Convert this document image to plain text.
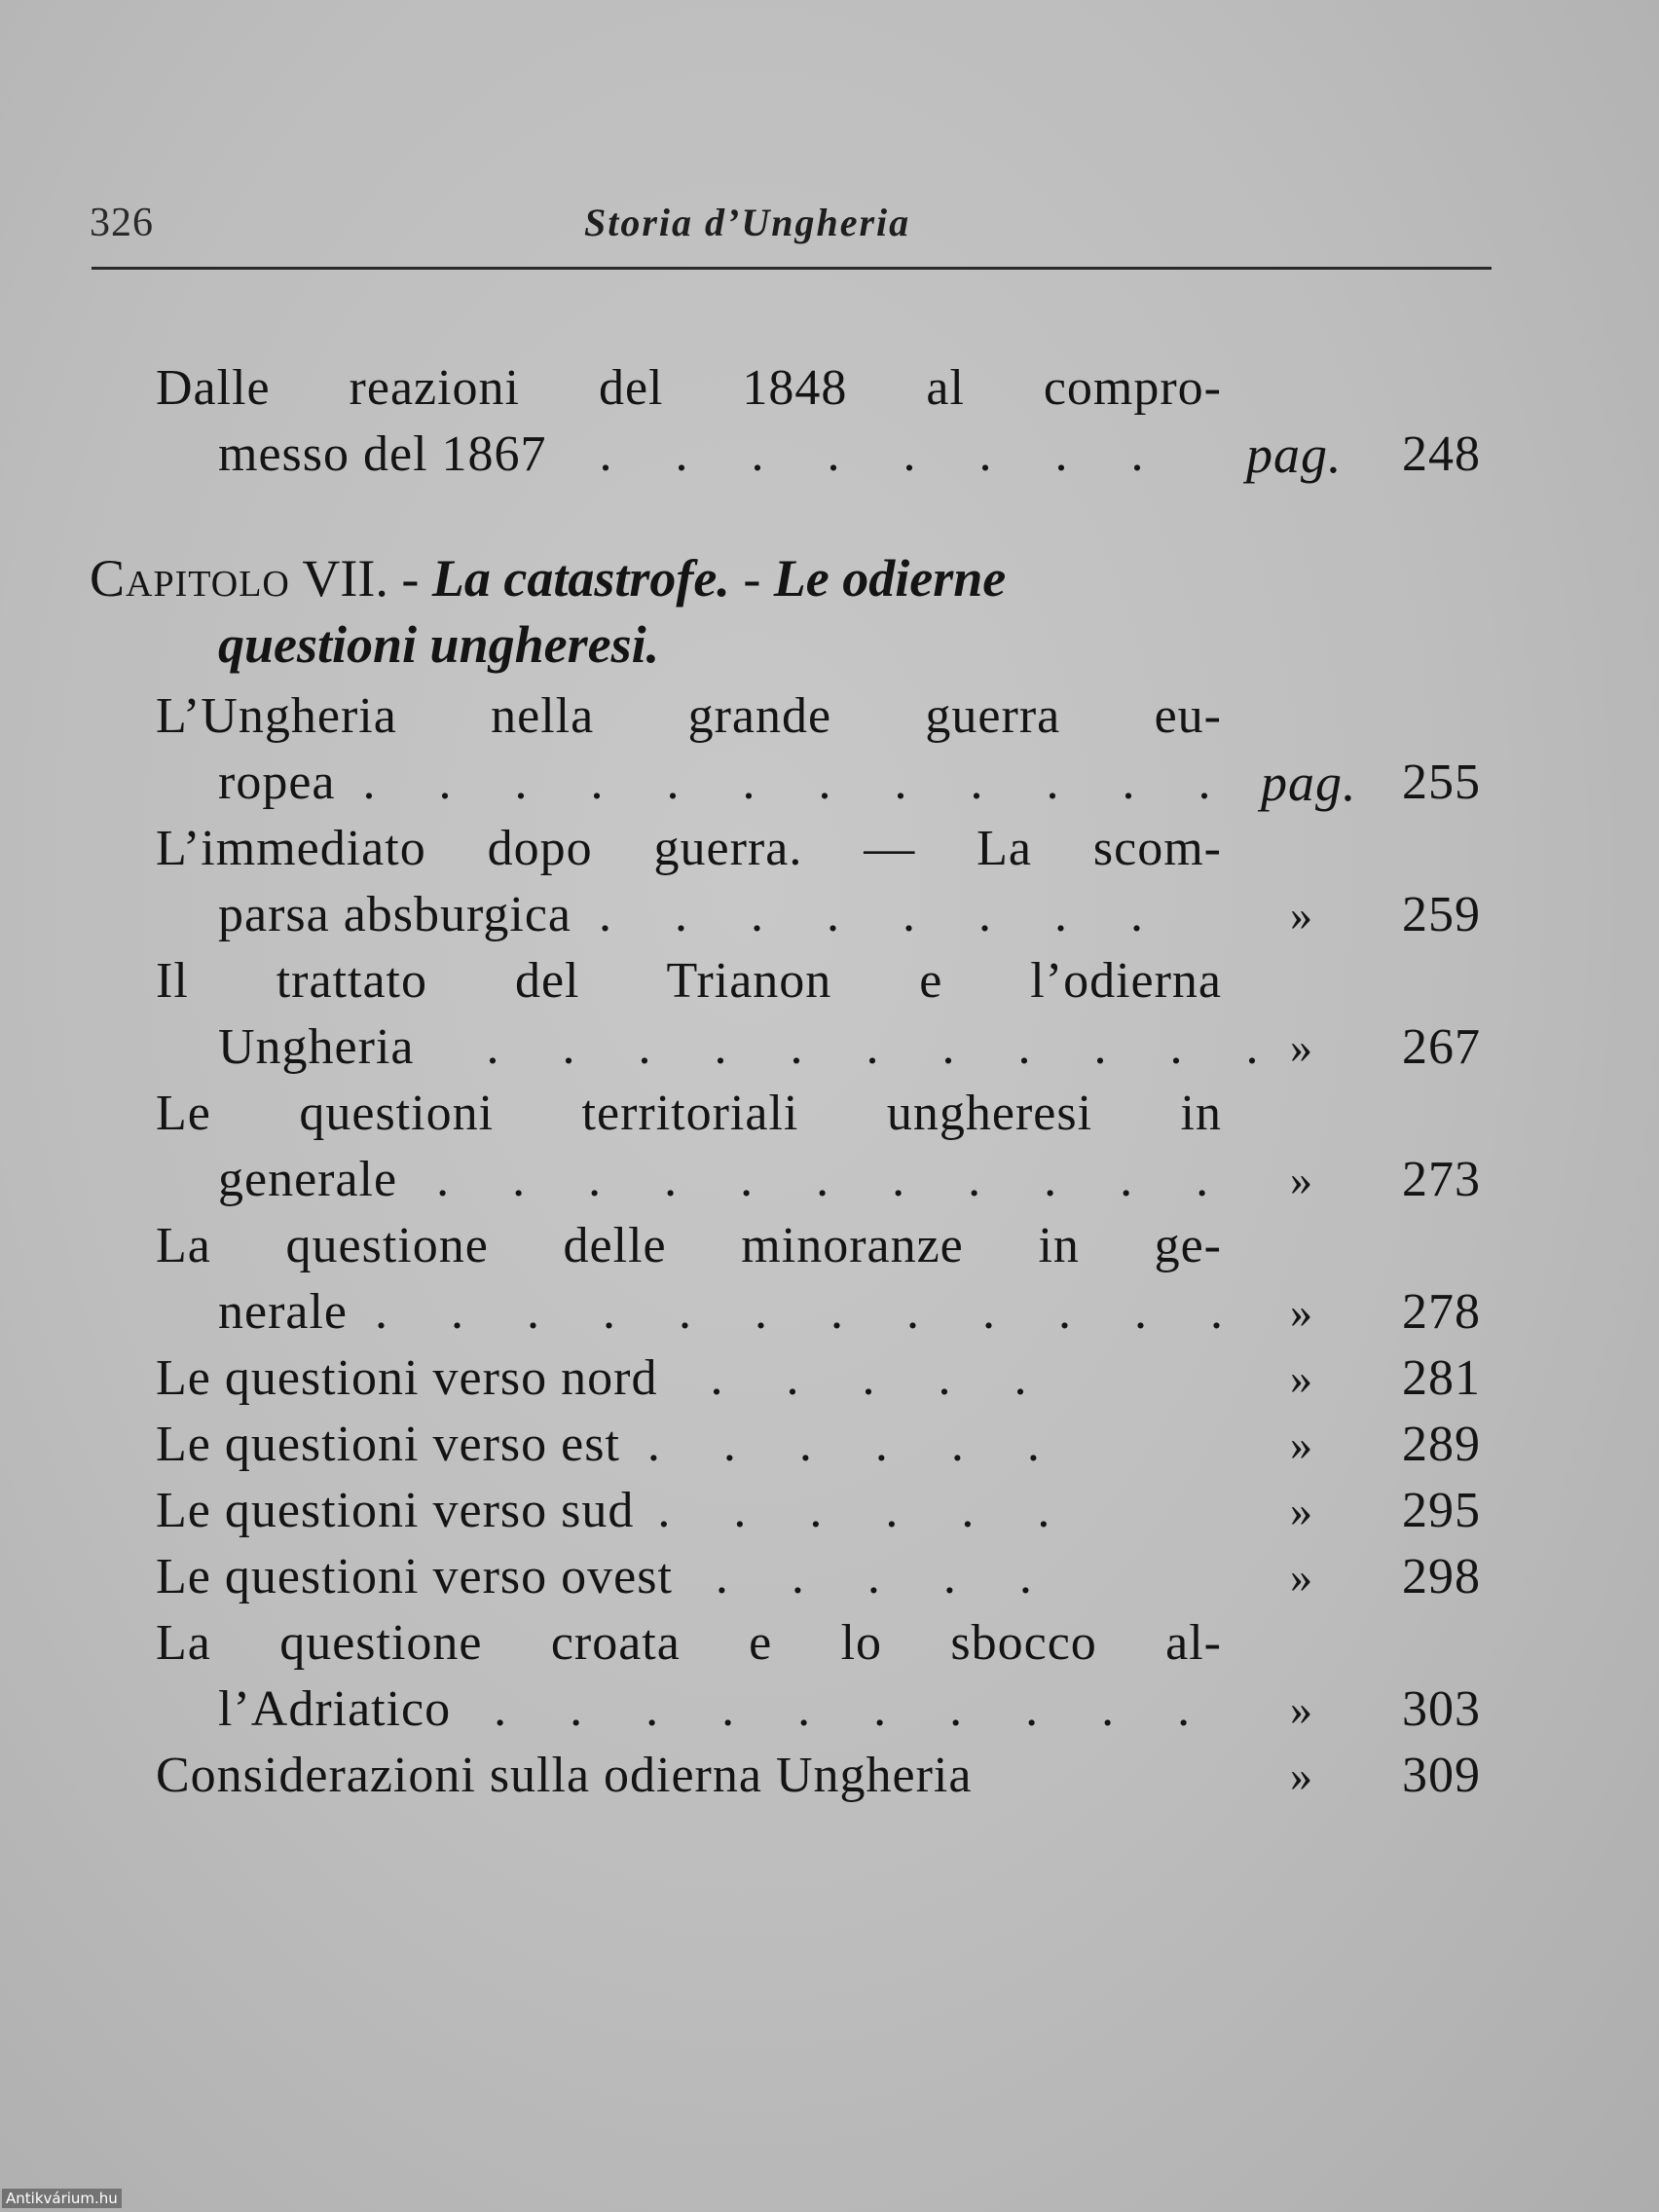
326	Storia d’Ungheria
Dalle reazioni del 1848 al compro-
messo del 1867 . . . . . . . . pag. 248
Capitolo VII. - La catastrofe. - Le odierne
questioni ungheresi.
L’Ungheria nella grande guerra eu-
ropea . . . . . . . . . . . . pag. 255
L’immediato dopo guerra. — La scom-
parsa absburgica . . . . . . . .	» 259
Il trattato del Trianon e l’odierna
Ungheria . . . . . . . . . . . » 267
Le questioni territoriali ungheresi in
generale . . . . . . . . . . . » 273
La questione delle minoranze in ge-
nerale . . . . . . . . . . . . » 278
Le questioni verso nord . . . . .	» 281
Le questioni verso est . . . . . .	» 289
Le questioni verso sud . . . . . .	» 295
Le questioni verso ovest . . . . .	» 298
La questione croata e lo sbocco al-
l’Adriatico . . . . . . . . . . » 303
Considerazioni sulla odierna Ungheria	» 309
Antikvárium.hu
